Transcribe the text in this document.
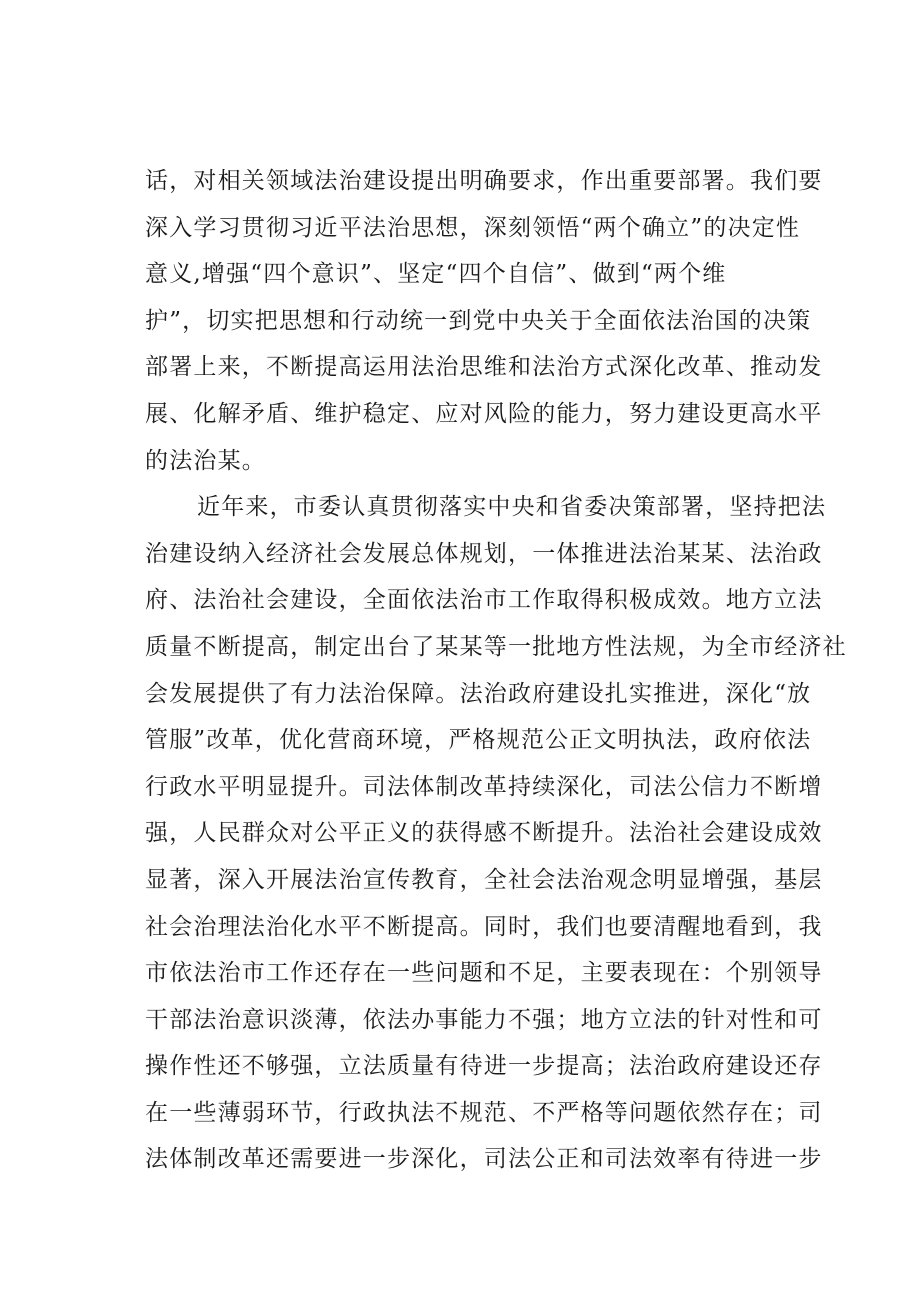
话，对相关领域法治建设提出明确要求，作出重要部署。我们要
深入学习贯彻习近平法治思想，深刻领悟“两个确立”的决定性
意义,增强“四个意识”、坚定“四个自信”、做到“两个维
护”，切实把思想和行动统一到党中央关于全面依法治国的决策
部署上来，不断提高运用法治思维和法治方式深化改革、推动发
展、化解矛盾、维护稳定、应对风险的能力，努力建设更高水平
的法治某。
近年来，市委认真贯彻落实中央和省委决策部署，坚持把法
治建设纳入经济社会发展总体规划，一体推进法治某某、法治政
府、法治社会建设，全面依法治市工作取得积极成效。地方立法
质量不断提高，制定出台了某某等一批地方性法规，为全市经济社
会发展提供了有力法治保障。法治政府建设扎实推进，深化“放
管服”改革，优化营商环境，严格规范公正文明执法，政府依法
行政水平明显提升。司法体制改革持续深化，司法公信力不断增
强，人民群众对公平正义的获得感不断提升。法治社会建设成效
显著，深入开展法治宣传教育，全社会法治观念明显增强，基层
社会治理法治化水平不断提高。同时，我们也要清醒地看到，我
市依法治市工作还存在一些问题和不足，主要表现在：个别领导
干部法治意识淡薄，依法办事能力不强；地方立法的针对性和可
操作性还不够强，立法质量有待进一步提高；法治政府建设还存
在一些薄弱环节，行政执法不规范、不严格等问题依然存在；司
法体制改革还需要进一步深化，司法公正和司法效率有待进一步
